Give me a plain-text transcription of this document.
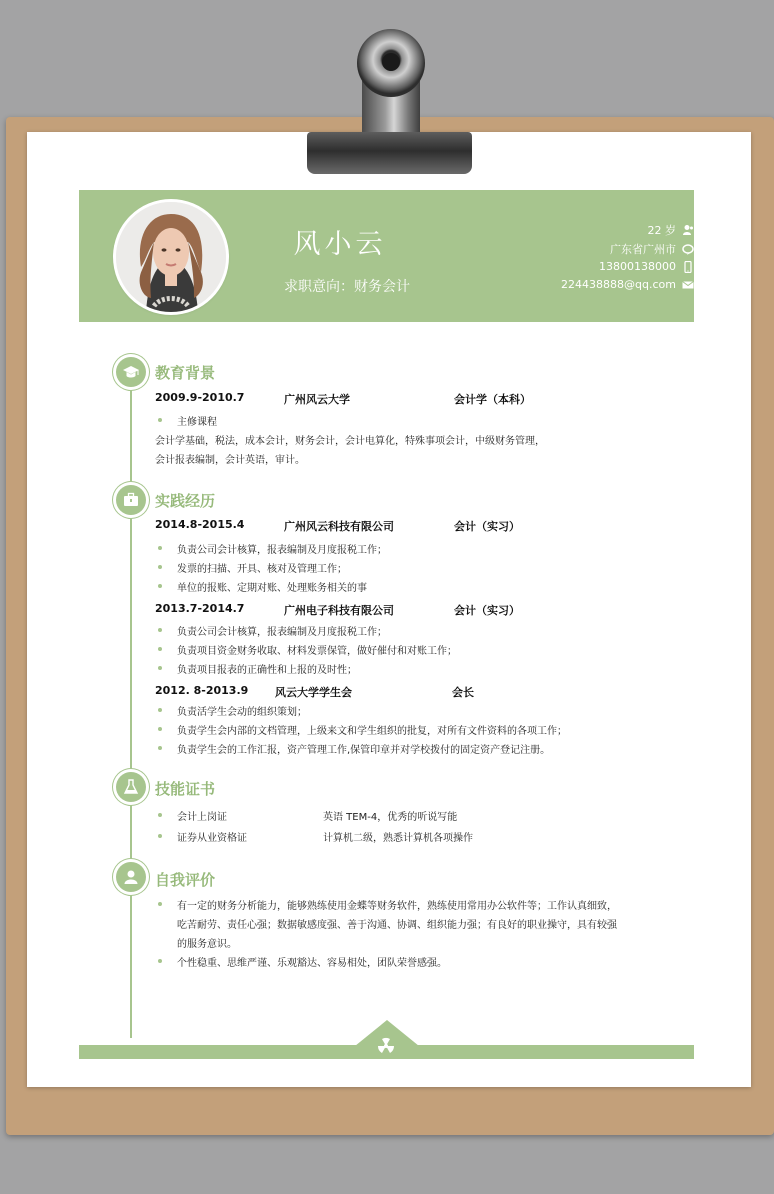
风小云
求职意向：财务会计
22 岁
广东省广州市
13800138000
224438888@qq.com
教育背景
2009.9-2010.7	广州风云大学	会计学（本科）
主修课程
会计学基础，税法，成本会计，财务会计，会计电算化，特殊事项会计，中级财务管理，
会计报表编制，会计英语，审计。
实践经历
2014.8-2015.4	广州风云科技有限公司	会计（实习）
负责公司会计核算，报表编制及月度报税工作；
发票的扫描、开具、核对及管理工作；
单位的报账、定期对账、处理账务相关的事
2013.7-2014.7	广州电子科技有限公司	会计（实习）
负责公司会计核算，报表编制及月度报税工作；
负责项目资金财务收取、材料发票保管，做好催付和对账工作；
负责项目报表的正确性和上报的及时性；
2012. 8-2013.9 风云大学学生会	会长
负责活学生会动的组织策划；
负责学生会内部的文档管理，上级来文和学生组织的批复，对所有文件资料的各项工作；
负责学生会的工作汇报，资产管理工作,保管印章并对学校拨付的固定资产登记注册。
技能证书
会计上岗证	英语 TEM-4，优秀的听说写能
证券从业资格证	计算机二级，熟悉计算机各项操作
自我评价
有一定的财务分析能力，能够熟练使用金蝶等财务软件，熟练使用常用办公软件等；工作认真细致，
吃苦耐劳、责任心强；数据敏感度强、善于沟通、协调、组织能力强；有良好的职业操守，具有较强
的服务意识。
个性稳重、思维严谨、乐观豁达、容易相处，团队荣誉感强。
